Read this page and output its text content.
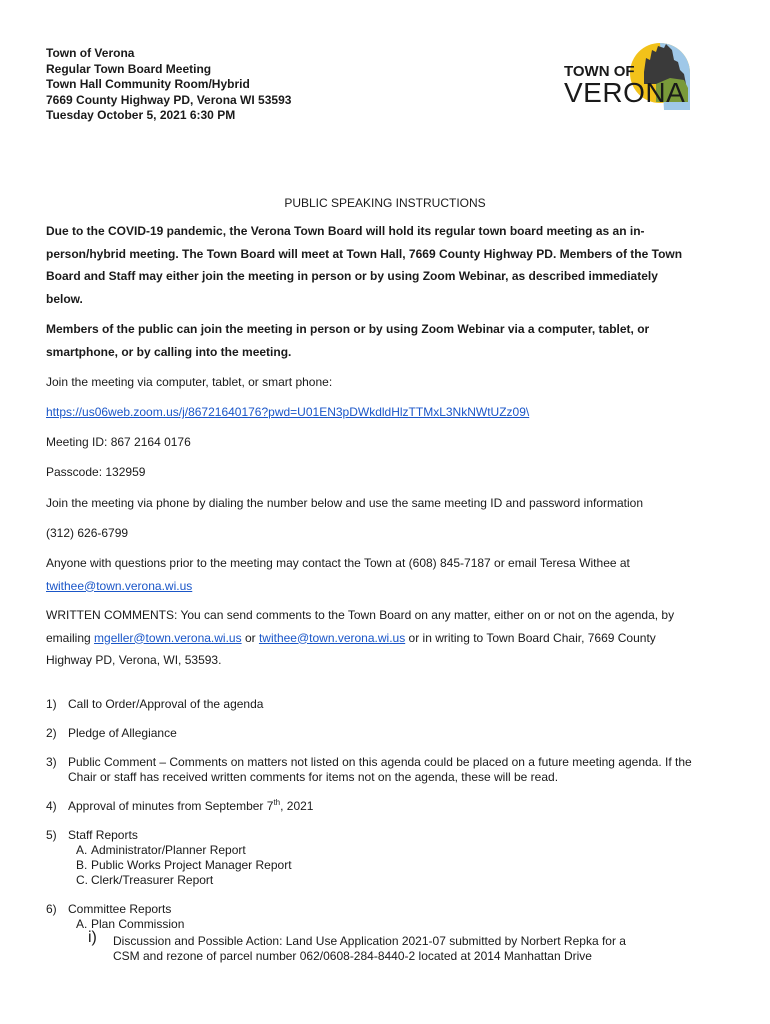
Town of Verona
Regular Town Board Meeting
Town Hall Community Room/Hybrid
7669 County Highway PD, Verona WI 53593
Tuesday October 5, 2021 6:30 PM
TOWN OF
VERONA
PUBLIC SPEAKING INSTRUCTIONS
Due to the COVID-19 pandemic, the Verona Town Board will hold its regular town board meeting as an in-
person/hybrid meeting. The Town Board will meet at Town Hall, 7669 County Highway PD. Members of the Town
Board and Staff may either join the meeting in person or by using Zoom Webinar, as described immediately
below.
Members of the public can join the meeting in person or by using Zoom Webinar via a computer, tablet, or
smartphone, or by calling into the meeting.
Join the meeting via computer, tablet, or smart phone:
https://us06web.zoom.us/j/86721640176?pwd=U01EN3pDWkdldHlzTTMxL3NkNWtUZz09\
Meeting ID: 867 2164 0176
Passcode: 132959
Join the meeting via phone by dialing the number below and use the same meeting ID and password information
(312) 626-6799
Anyone with questions prior to the meeting may contact the Town at (608) 845-7187 or email Teresa Withee at
twithee@town.verona.wi.us
WRITTEN COMMENTS: You can send comments to the Town Board on any matter, either on or not on the agenda, by
emailing mgeller@town.verona.wi.us or twithee@town.verona.wi.us or in writing to Town Board Chair, 7669 County
Highway PD, Verona, WI, 53593.
1) Call to Order/Approval of the agenda
2) Pledge of Allegiance
3) Public Comment – Comments on matters not listed on this agenda could be placed on a future meeting agenda. If the
Chair or staff has received written comments for items not on the agenda, these will be read.
4) Approval of minutes from September 7th, 2021
5) Staff Reports
A. Administrator/Planner Report
B. Public Works Project Manager Report
C. Clerk/Treasurer Report
6) Committee Reports
A. Plan Commission
i) Discussion and Possible Action: Land Use Application 2021-07 submitted by Norbert Repka for a
CSM and rezone of parcel number 062/0608-284-8440-2 located at 2014 Manhattan Drive
